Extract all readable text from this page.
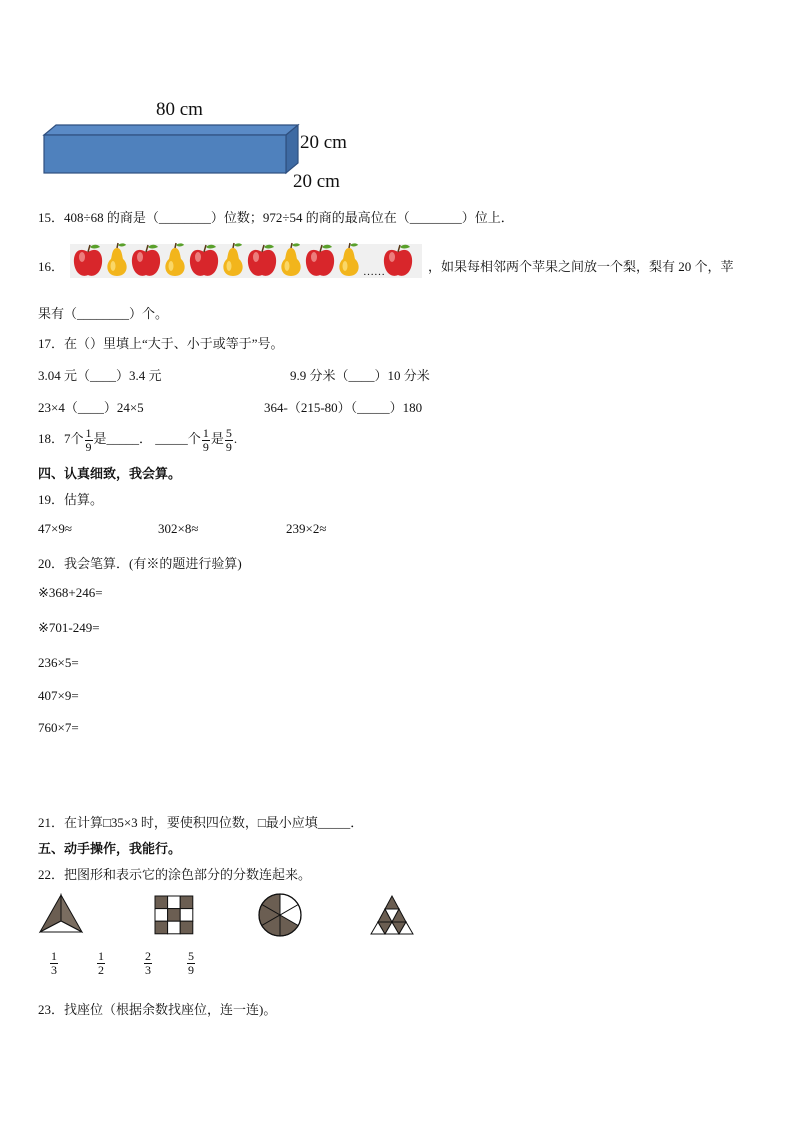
80 cm
20 cm
20 cm
15．408÷68 的商是（________）位数；972÷54 的商的最高位在（________）位上．
16．	……	，如果每相邻两个苹果之间放一个梨，梨有 20 个，苹
果有（________）个。
17．在（）里填上“大于、小于或等于”号。
3.04 元（____）3.4 元	9.9 分米（____）10 分米
23×4（____）24×5	364-（215-80）（_____）180
18．7个 $\frac{1}{9}$ 是_____． _____个 $\frac{1}{9}$ 是 $\frac{5}{9}$ .
四、认真细致，我会算。
19．估算。
47×9≈	302×8≈	239×2≈
20．我会笔算．(有※的题进行验算)
※368+246=
※701-249=
236×5=
407×9=
760×7=
21．在计算□35×3 时，要使积四位数，□最小应填_____．
五、动手操作，我能行。
22．把图形和表示它的涂色部分的分数连起来。
$\frac{1}{3} \frac{1}{2} \frac{2}{3} \frac{5}{9}$
23．找座位（根据余数找座位，连一连)。
